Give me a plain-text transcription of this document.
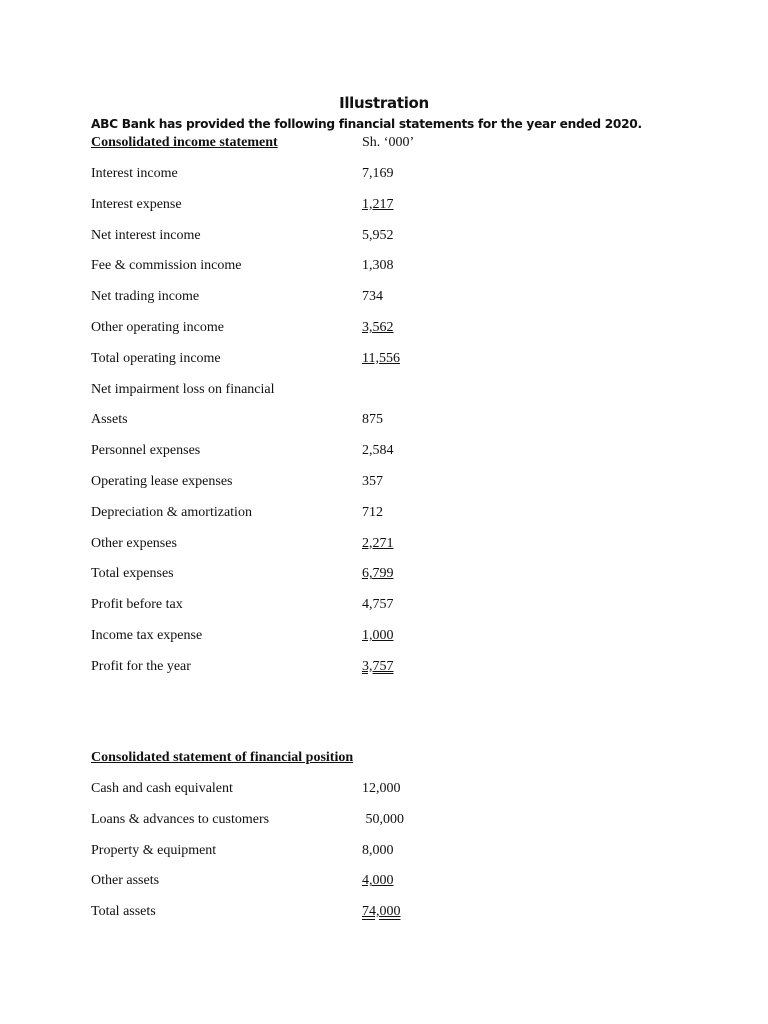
Illustration
ABC Bank has provided the following financial statements for the year ended 2020.
Consolidated income statement	Sh. ‘000’
Interest income	7,169
Interest expense	1,217
Net interest income	5,952
Fee & commission income	1,308
Net trading income	734
Other operating income	3,562
Total operating income	11,556
Net impairment loss on financial
Assets	875
Personnel expenses	2,584
Operating lease expenses	357
Depreciation & amortization	712
Other expenses	2,271
Total expenses	6,799
Profit before tax	4,757
Income tax expense	1,000
Profit for the year	3,757
Consolidated statement of financial position
Cash and cash equivalent	12,000
Loans & advances to customers	50,000
Property & equipment	8,000
Other assets	4,000
Total assets	74,000
